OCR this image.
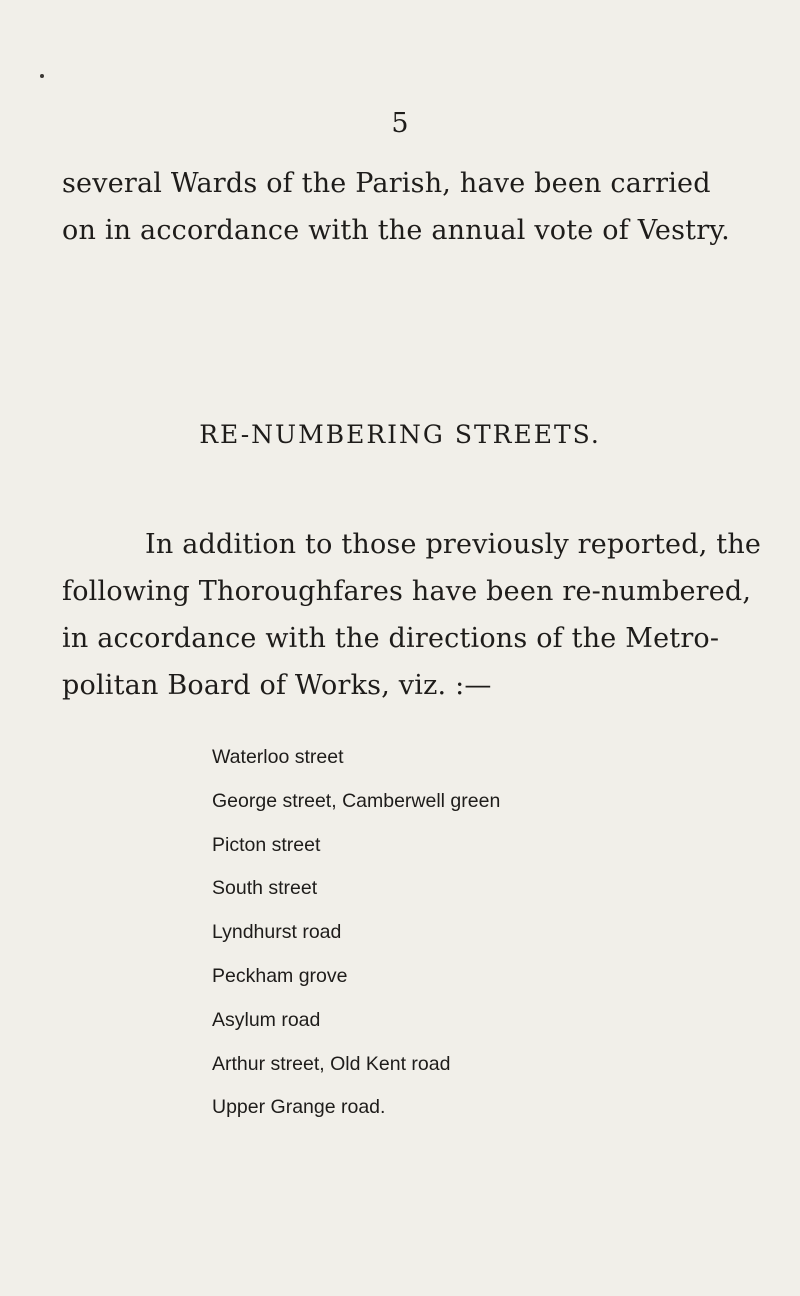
5
several Wards of the Parish, have been carried
on in accordance with the annual vote of Vestry.
RE-NUMBERING STREETS.
In addition to those previously reported, the
following Thoroughfares have been re-numbered,
in accordance with the directions of the Metro-
politan Board of Works, viz. :—
Waterloo street
George street, Camberwell green
Picton street
South street
Lyndhurst road
Peckham grove
Asylum road
Arthur street, Old Kent road
Upper Grange road.
